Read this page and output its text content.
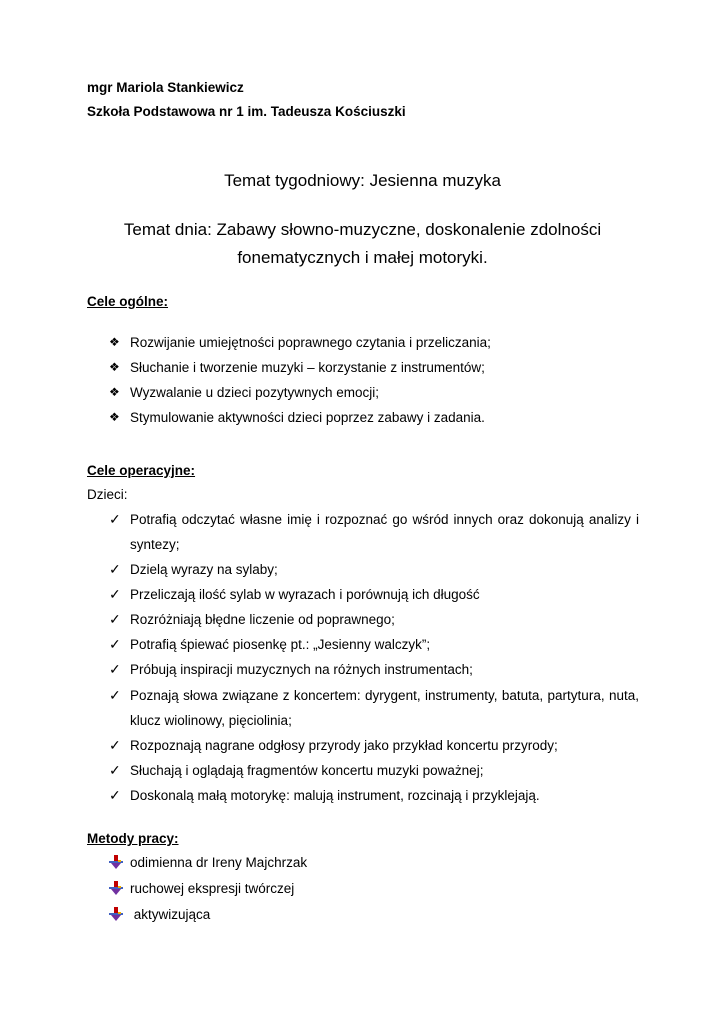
mgr Mariola Stankiewicz
Szkoła Podstawowa nr 1 im. Tadeusza Kościuszki
Temat tygodniowy: Jesienna muzyka
Temat dnia: Zabawy słowno-muzyczne, doskonalenie zdolności fonematycznych i małej motoryki.
Cele ogólne:
❖ Rozwijanie umiejętności poprawnego czytania i przeliczania;
❖ Słuchanie i tworzenie muzyki – korzystanie z instrumentów;
❖ Wyzwalanie u dzieci pozytywnych emocji;
❖ Stymulowanie aktywności dzieci poprzez zabawy i zadania.
Cele operacyjne:
Dzieci:
✓ Potrafią odczytać własne imię i rozpoznać go wśród innych oraz dokonują analizy i syntezy;
✓ Dzielą wyrazy na sylaby;
✓ Przeliczają ilość sylab w wyrazach i porównują ich długość
✓ Rozróżniają błędne liczenie od poprawnego;
✓ Potrafią śpiewać piosenkę pt.: „Jesienny walczyk”;
✓ Próbują inspiracji muzycznych na różnych instrumentach;
✓ Poznają słowa związane z koncertem: dyrygent, instrumenty, batuta, partytura, nuta, klucz wiolinowy, pięciolinia;
✓ Rozpoznają nagrane odgłosy przyrody jako przykład koncertu przyrody;
✓ Słuchają i oglądają fragmentów koncertu muzyki poważnej;
✓ Doskonalą małą motorykę: malują instrument, rozcinają i przyklejają.
Metody pracy:
odimienna dr Ireny Majchrzak
ruchowej ekspresji twórczej
aktywizująca
